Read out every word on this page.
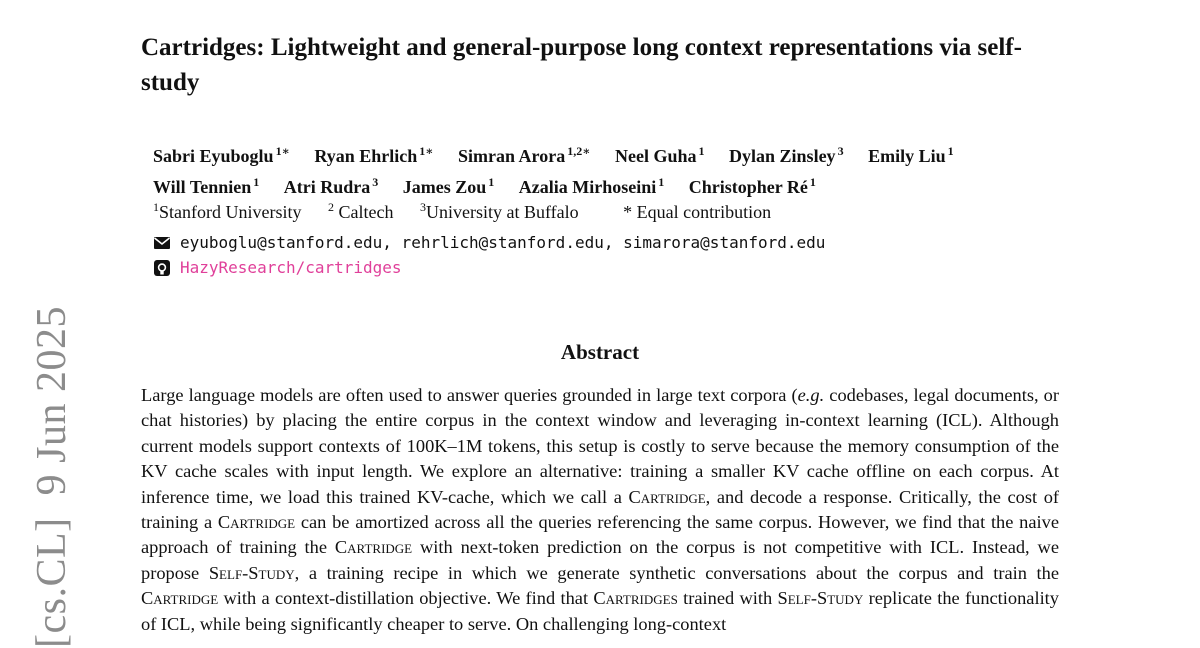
[cs.CL]9 Jun 2025
Cartridges: Lightweight and general-purpose long context representations via self-study
Sabri Eyuboglu $^{1∗}$ Ryan Ehrlich $^{1∗}$ Simran Arora $^{1,2∗}$ Neel Guha $^1$ Dylan Zinsley $^3$ Emily Liu $^1$
Will Tennien $^1$ Atri Rudra $^3$ James Zou $^1$ Azalia Mirhoseini $^1$ Christopher Ré $^1$
$^1$Stanford University $^2$ Caltech $^3$University at Buffalo * Equal contribution
eyuboglu@stanford.edu, rehrlich@stanford.edu, simarora@stanford.edu
HazyResearch/cartridges
Abstract

Large language models are often used to answer queries grounded in large text corpora (e.g. codebases, legal documents, or chat histories) by placing the entire corpus in the context window and leveraging in-context learning (ICL). Although current models support contexts of 100K–1M tokens, this setup is costly to serve because the memory consumption of the KV cache scales with input length. We explore an alternative: training a smaller KV cache offline on each corpus. At inference time, we load this trained KV-cache, which we call a Cartridge, and decode a response. Critically, the cost of training a Cartridge can be amortized across all the queries referencing the same corpus. However, we find that the naive approach of training the Cartridge with next-token prediction on the corpus is not competitive with ICL. Instead, we propose Self-Study, a training recipe in which we generate synthetic conversations about the corpus and train the Cartridge with a context-distillation objective. We find that Cartridges trained with Self-Study replicate the functionality of ICL, while being significantly cheaper to serve. On challenging long-context
